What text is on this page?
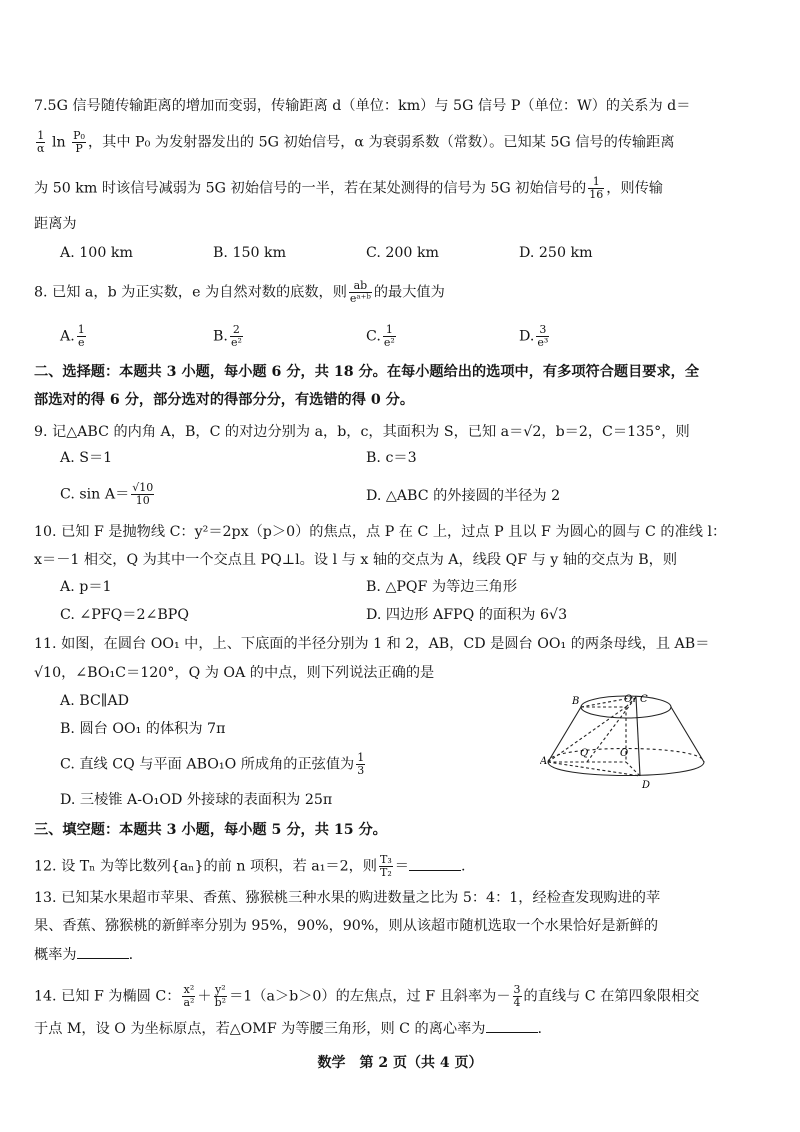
7.5G 信号随传输距离的增加而变弱，传输距离 d（单位：km）与 5G 信号 P（单位：W）的关系为 d＝
$\frac{1}{\alpha}$ $\ln \frac{\text{P₀}}{P}$ ，其中 P₀ 为发射器发出的 5G 初始信号，α 为衰弱系数（常数）。已知某 5G 信号的传输距离
为 50 km 时该信号减弱为 5G 初始信号的一半，若在某处测得的信号为 5G 初始信号的 $\frac{1}{16}$ ，则传输
距离为
A. 100 km	B. 150 km	C. 200 km	D. 250 km
8. 已知 a，b 为正实数，e 为自然对数的底数，则 $\frac{ab}{\text{eᵃ⁺ᵇ}}$ 的最大值为
A. $\frac{1}{e}$	B. $\frac{2}{\text{e²}}$	C. $\frac{1}{\text{e²}}$	D. $\frac{3}{\text{e³}}$
二、选择题：本题共 3 小题，每小题 6 分，共 18 分。在每小题给出的选项中，有多项符合题目要求，全
部选对的得 6 分，部分选对的得部分分，有选错的得 0 分。
9. 记△ABC 的内角 A，B，C 的对边分别为 a，b，c，其面积为 S，已知 a＝√2，b＝2，C＝135°，则
A. S＝1	B. c＝3
C. $\sin A= \frac{√10}{10}$	D. △ABC 的外接圆的半径为 2
10. 已知 F 是抛物线 C：y²＝2px（p＞0）的焦点，点 P 在 C 上，过点 P 且以 F 为圆心的圆与 C 的准线 l：
x＝－1 相交，Q 为其中一个交点且 PQ⊥l。设 l 与 x 轴的交点为 A，线段 QF 与 y 轴的交点为 B，则
A. p＝1	B. △PQF 为等边三角形
C. ∠PFQ＝2∠BPQ	D. 四边形 AFPQ 的面积为 6√3
11. 如图，在圆台 OO₁ 中，上、下底面的半径分别为 1 和 2，AB，CD 是圆台 OO₁ 的两条母线，且 AB＝
√10，∠BO₁C＝120°，Q 为 OA 的中点，则下列说法正确的是
A. BC∥AD
B. 圆台 OO₁ 的体积为 7π
C. 直线 CQ 与平面 ABO₁O 所成角的正弦值为 $\frac{1}{3}$
D. 三棱锥 A-O₁OD 外接球的表面积为 25π
B	O₁ C
A
Q	O
D
三、填空题：本题共 3 小题，每小题 5 分，共 15 分。
12. 设 Tₙ 为等比数列{aₙ}的前 n 项积，若 a₁＝2，则 $\frac{\text{T₃}}{\text{T₂}}$ ＝	.
13. 已知某水果超市苹果、香蕉、猕猴桃三种水果的购进数量之比为 5：4：1，经检查发现购进的苹
果、香蕉、猕猴桃的新鲜率分别为 95%，90%，90%，则从该超市随机选取一个水果恰好是新鲜的
概率为	.
14. 已知 F 为椭圆 C： $\frac{\text{x²}}{\text{a²}} + \frac{\text{y²}}{\text{b²}} =1(a>b>0)$的左焦点，过 F 且斜率为－ $\frac{3}{4}$ 的直线与 C 在第四象限相交
于点 M，设 O 为坐标原点，若△OMF 为等腰三角形，则 C 的离心率为	.
数学　第 2 页（共 4 页）
